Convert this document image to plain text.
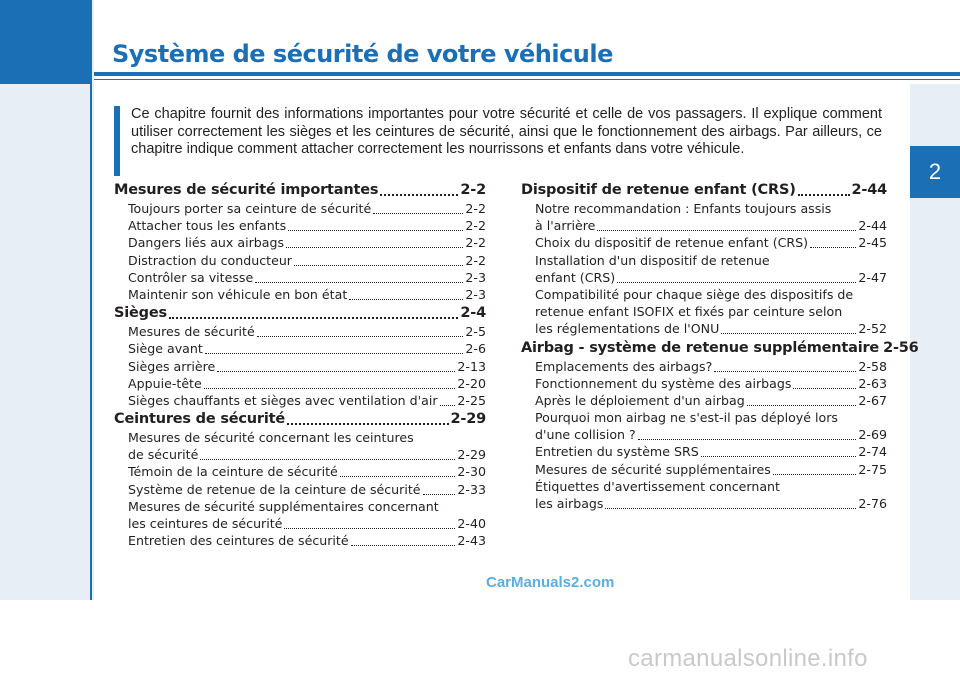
Système de sécurité de votre véhicule
2
Ce chapitre fournit des informations importantes pour votre sécurité et celle de vos passagers. Il explique comment utiliser correctement les sièges et les ceintures de sécurité, ainsi que le fonctionnement des airbags. Par ailleurs, ce chapitre indique comment attacher correctement les nourrissons et enfants dans votre véhicule.
Mesures de sécurité importantes	2-2
Toujours porter sa ceinture de sécurité	2-2
Attacher tous les enfants	2-2
Dangers liés aux airbags	2-2
Distraction du conducteur	2-2
Contrôler sa vitesse	2-3
Maintenir son véhicule en bon état	2-3
Sièges	2-4
Mesures de sécurité	2-5
Siège avant	2-6
Sièges arrière	2-13
Appuie-tête	2-20
Sièges chauffants et sièges avec ventilation d'air 2-25
Ceintures de sécurité	2-29
Mesures de sécurité concernant les ceintures
de sécurité	2-29
Témoin de la ceinture de sécurité	2-30
Système de retenue de la ceinture de sécurité	2-33
Mesures de sécurité supplémentaires concernant
les ceintures de sécurité	2-40
Entretien des ceintures de sécurité	2-43
Dispositif de retenue enfant (CRS)	2-44
Notre recommandation : Enfants toujours assis
à l'arrière	2-44
Choix du dispositif de retenue enfant (CRS)	2-45
Installation d'un dispositif de retenue
enfant (CRS)	2-47
Compatibilité pour chaque siège des dispositifs de
retenue enfant ISOFIX et fixés par ceinture selon
les réglementations de l'ONU	2-52
Airbag - système de retenue supplémentaire 2-56
Emplacements des airbags?	2-58
Fonctionnement du système des airbags	2-63
Après le déploiement d'un airbag	2-67
Pourquoi mon airbag ne s'est-il pas déployé lors
d'une collision ?	2-69
Entretien du système SRS	2-74
Mesures de sécurité supplémentaires	2-75
Étiquettes d'avertissement concernant
les airbags	2-76
CarManuals2.com
carmanualsonline.info
